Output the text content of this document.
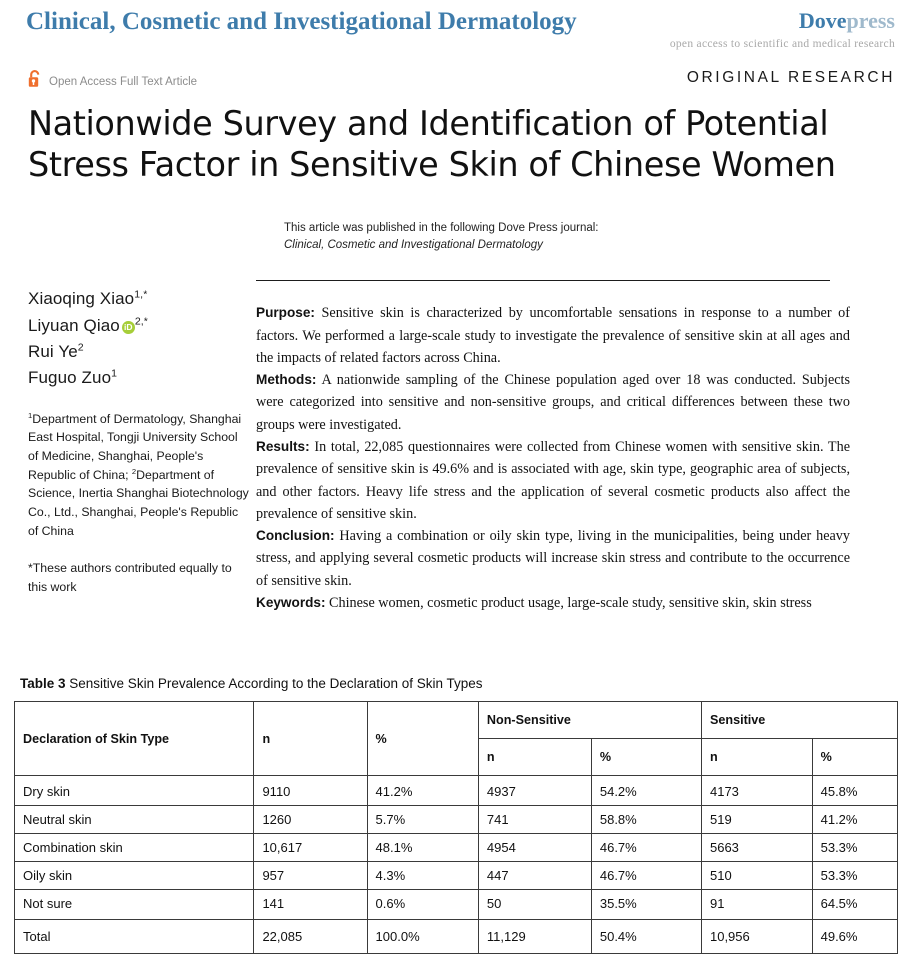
Clinical, Cosmetic and Investigational Dermatology	Dovepress
open access to scientific and medical research
Open Access Full Text Article	ORIGINAL RESEARCH
Nationwide Survey and Identification of Potential Stress Factor in Sensitive Skin of Chinese Women
This article was published in the following Dove Press journal:
Clinical, Cosmetic and Investigational Dermatology
Xiaoqing Xiao$^{1,*}$
Liyuan Qiao iD $^{2,*}$
Rui Ye$^2$
Fuguo Zuo$^1$
$^1$Department of Dermatology, Shanghai East Hospital, Tongji University School of Medicine, Shanghai, People's Republic of China; $^2$Department of Science, Inertia Shanghai Biotechnology Co., Ltd., Shanghai, People's Republic of China
*These authors contributed equally to this work

Purpose: Sensitive skin is characterized by uncomfortable sensations in response to a number of factors. We performed a large-scale study to investigate the prevalence of sensitive skin at all ages and the impacts of related factors across China.

Methods: A nationwide sampling of the Chinese population aged over 18 was conducted. Subjects were categorized into sensitive and non-sensitive groups, and critical differences between these two groups were investigated.

Results: In total, 22,085 questionnaires were collected from Chinese women with sensitive skin. The prevalence of sensitive skin is 49.6% and is associated with age, skin type, geographic area of subjects, and other factors. Heavy life stress and the application of several cosmetic products also affect the prevalence of sensitive skin.

Conclusion: Having a combination or oily skin type, living in the municipalities, being under heavy stress, and applying several cosmetic products will increase skin stress and contribute to the occurrence of sensitive skin.

Keywords: Chinese women, cosmetic product usage, large-scale study, sensitive skin, skin stress

Table 3 Sensitive Skin Prevalence According to the Declaration of Skin Types
Declaration of Skin Type	n	%	Non-Sensitive		Sensitive	
			n	%	n	%
Dry skin	9110	41.2%	4937	54.2%	4173	45.8%
Neutral skin	1260	5.7%	741	58.8%	519	41.2%
Combination skin	10,617	48.1%	4954	46.7%	5663	53.3%
Oily skin	957	4.3%	447	46.7%	510	53.3%
Not sure	141	0.6%	50	35.5%	91	64.5%
Total	22,085	100.0%	11,129	50.4%	10,956	49.6%
